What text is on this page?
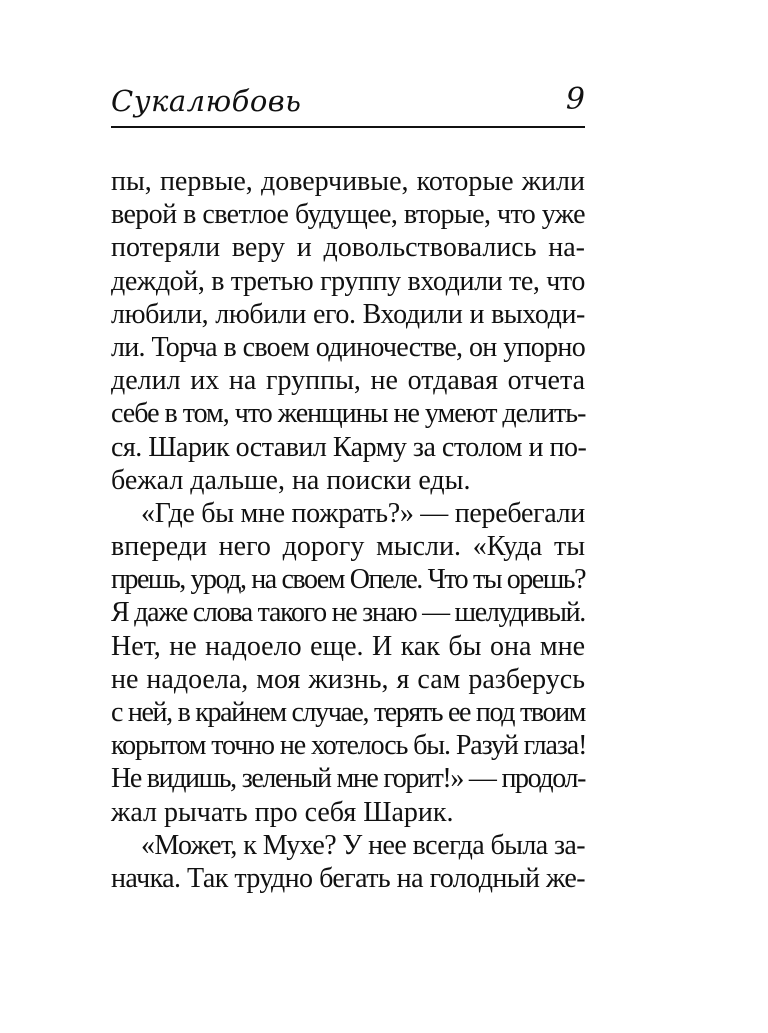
Сукалюбовь	9
пы, первые, доверчивые, которые жили
верой в светлое будущее, вторые, что уже
потеряли веру и довольствовались на-
деждой, в третью группу входили те, что
любили, любили его. Входили и выходи-
ли. Торча в своем одиночестве, он упорно
делил их на группы, не отдавая отчета
себе в том, что женщины не умеют делить-
ся. Шарик оставил Карму за столом и по-
бежал дальше, на поиски еды.
«Где бы мне пожрать?» — перебегали
впереди него дорогу мысли. «Куда ты
прешь, урод, на своем Опеле. Что ты орешь?
Я даже слова такого не знаю — шелудивый.
Нет, не надоело еще. И как бы она мне
не надоела, моя жизнь, я сам разберусь
с ней, в крайнем случае, терять ее под твоим
корытом точно не хотелось бы. Разуй глаза!
Не видишь, зеленый мне горит!» — продол-
жал рычать про себя Шарик.
«Может, к Мухе? У нее всегда была за-
начка. Так трудно бегать на голодный же-
